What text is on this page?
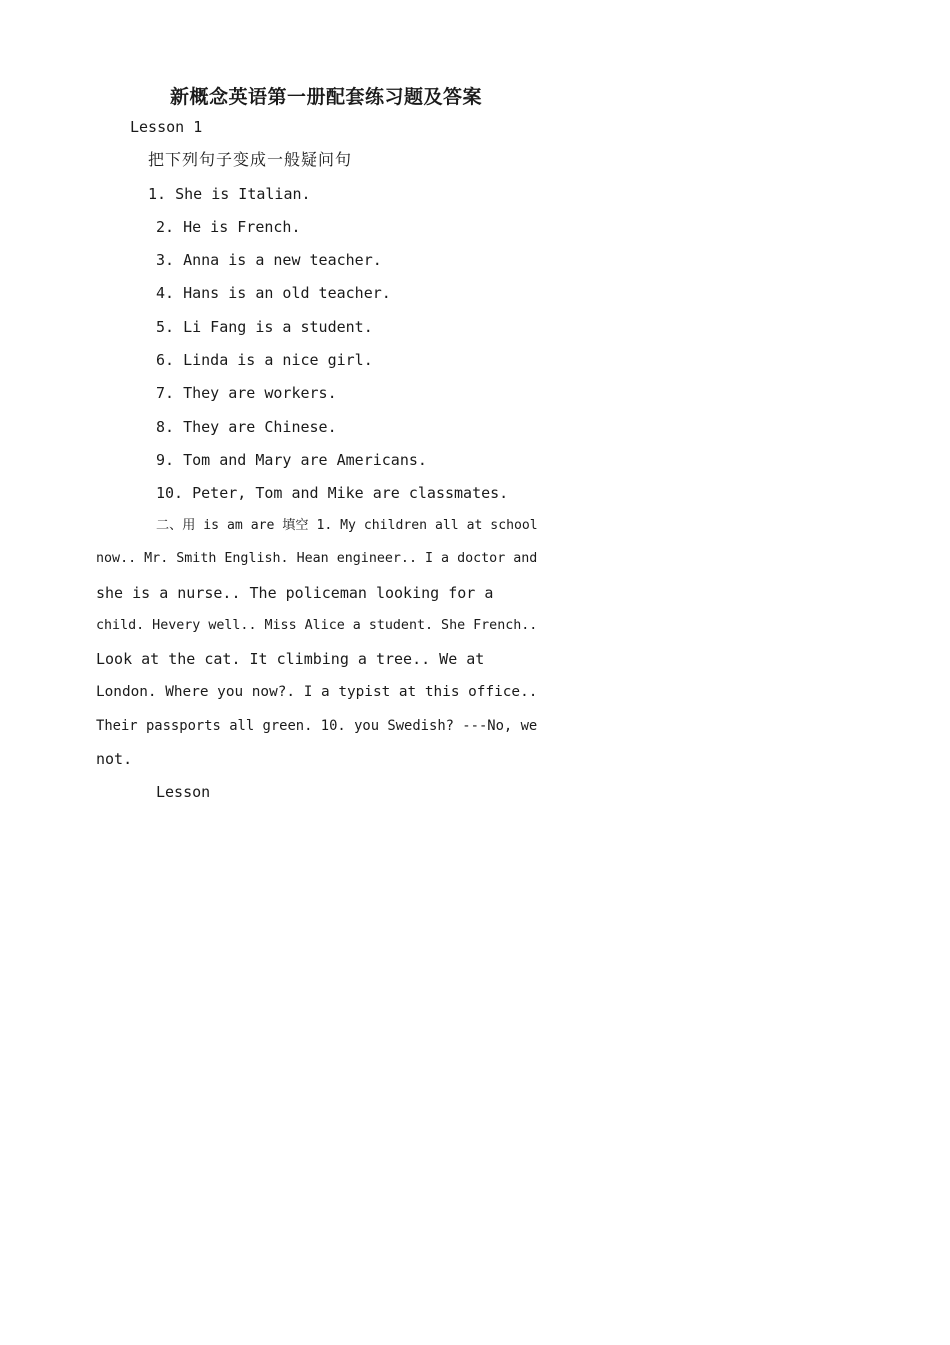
新概念英语第一册配套练习题及答案
Lesson 1
把下列句子变成一般疑问句
1. She is Italian.
2. He is French.
3. Anna is a new teacher.
4. Hans is an old teacher.
5. Li Fang is a student.
6. Linda is a nice girl.
7. They are workers.
8. They are Chinese.
9. Tom and Mary are Americans.
10. Peter, Tom and Mike are classmates.
二、用 is am are 填空 1. My children all at school
now.. Mr. Smith English. Hean engineer.. I a doctor and
she is a nurse.. The policeman looking for a
child. Hevery well.. Miss Alice a student. She French..
Look at the cat. It climbing a tree.. We at
London. Where you now?. I a typist at this office..
Their passports all green. 10. you Swedish? ---No, we
not.
Lesson
